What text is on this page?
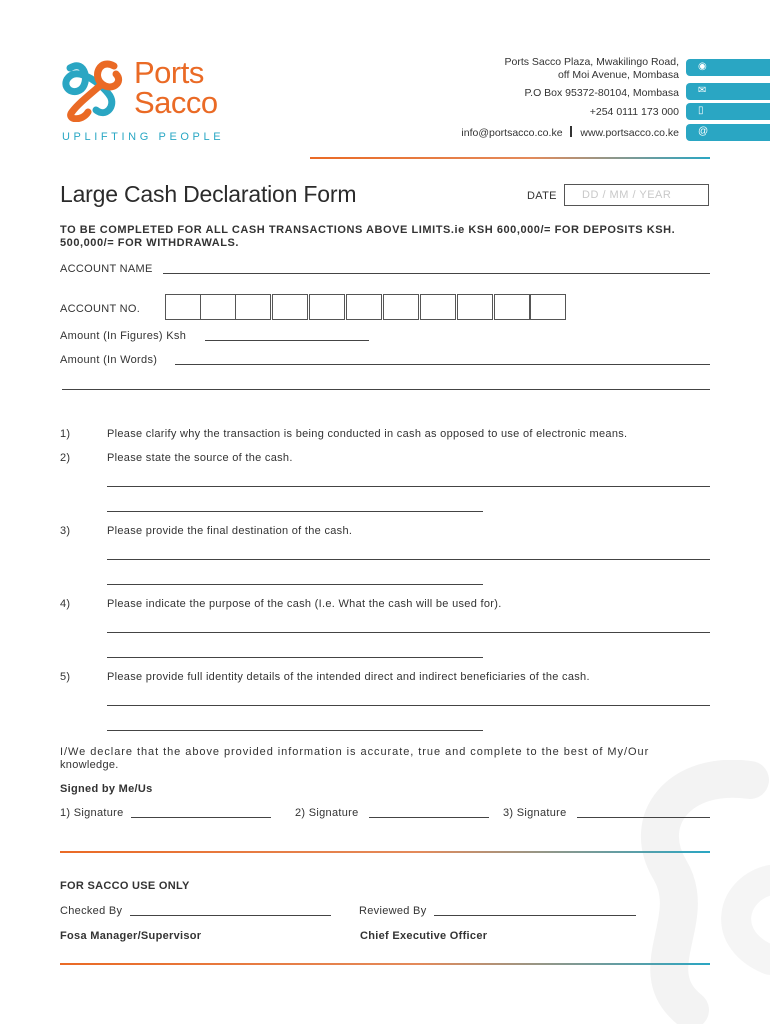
Ports
Sacco
UPLIFTING PEOPLE
Ports Sacco Plaza, Mwakilingo Road,
off Moi Avenue, Mombasa
P.O Box 95372-80104, Mombasa
+254 0111 173 000
info@portsacco.co.ke www.portsacco.co.ke
◉
✉
▯
@
Large Cash Declaration Form	DATE	DD / MM / YEAR
TO BE COMPLETED FOR ALL CASH TRANSACTIONS ABOVE LIMITS.ie KSH 600,000/= FOR DEPOSITS KSH.
500,000/= FOR WITHDRAWALS.
ACCOUNT NAME
ACCOUNT NO.
Amount (In Figures) Ksh
Amount (In Words)
1)	Please clarify why the transaction is being conducted in cash as opposed to use of electronic means.
2)	Please state the source of the cash.
3)	Please provide the final destination of the cash.
4)	Please indicate the purpose of the cash (I.e. What the cash will be used for).
5)	Please provide full identity details of the intended direct and indirect beneficiaries of the cash.
I/We declare that the above provided information is accurate, true and complete to the best of My/Our
knowledge.
Signed by Me/Us
1) Signature	2) Signature	3) Signature
FOR SACCO USE ONLY
Checked By	Reviewed By
Fosa Manager/Supervisor	Chief Executive Officer
